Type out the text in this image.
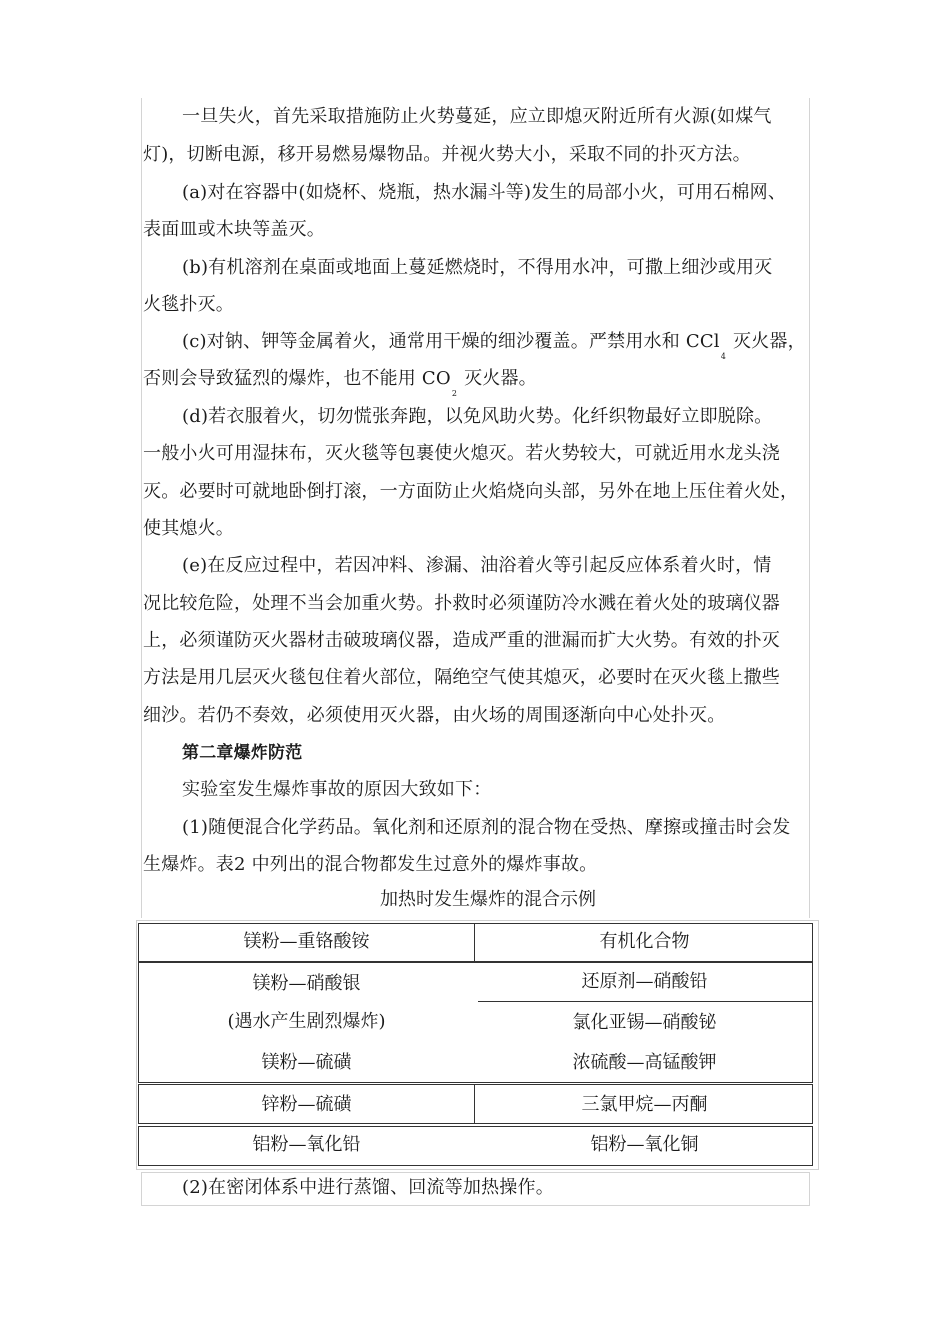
一旦失火，首先采取措施防止火势蔓延，应立即熄灭附近所有火源(如煤气
灯)，切断电源，移开易燃易爆物品。并视火势大小，采取不同的扑灭方法。
(a)对在容器中(如烧杯、烧瓶，热水漏斗等)发生的局部小火，可用石棉网、
表面皿或木块等盖灭。
(b)有机溶剂在桌面或地面上蔓延燃烧时，不得用水冲，可撒上细沙或用灭
火毯扑灭。
(c)对钠、钾等金属着火，通常用干燥的细沙覆盖。严禁用水和 CCl$_4$ 灭火器，
否则会导致猛烈的爆炸，也不能用 $CO_2$ 灭火器。
(d)若衣服着火，切勿慌张奔跑，以免风助火势。化纤织物最好立即脱除。
一般小火可用湿抹布，灭火毯等包裹使火熄灭。若火势较大，可就近用水龙头浇
灭。必要时可就地卧倒打滚，一方面防止火焰烧向头部，另外在地上压住着火处，
使其熄火。
(e)在反应过程中，若因冲料、渗漏、油浴着火等引起反应体系着火时，情
况比较危险，处理不当会加重火势。扑救时必须谨防冷水溅在着火处的玻璃仪器
上，必须谨防灭火器材击破玻璃仪器，造成严重的泄漏而扩大火势。有效的扑灭
方法是用几层灭火毯包住着火部位，隔绝空气使其熄灭，必要时在灭火毯上撒些
细沙。若仍不奏效，必须使用灭火器，由火场的周围逐渐向中心处扑灭。
第二章爆炸防范
实验室发生爆炸事故的原因大致如下：
(1)随便混合化学药品。氧化剂和还原剂的混合物在受热、摩擦或撞击时会发
生爆炸。表2 中列出的混合物都发生过意外的爆炸事故。
加热时发生爆炸的混合示例
镁粉—重铬酸铵	有机化合物
镁粉—硝酸银	还原剂—硝酸铅
(遇水产生剧烈爆炸)	氯化亚锡—硝酸铋
镁粉—硫磺	浓硫酸—高锰酸钾
锌粉—硫磺	三氯甲烷—丙酮
铝粉—氧化铅	铝粉—氧化铜
(2)在密闭体系中进行蒸馏、回流等加热操作。
